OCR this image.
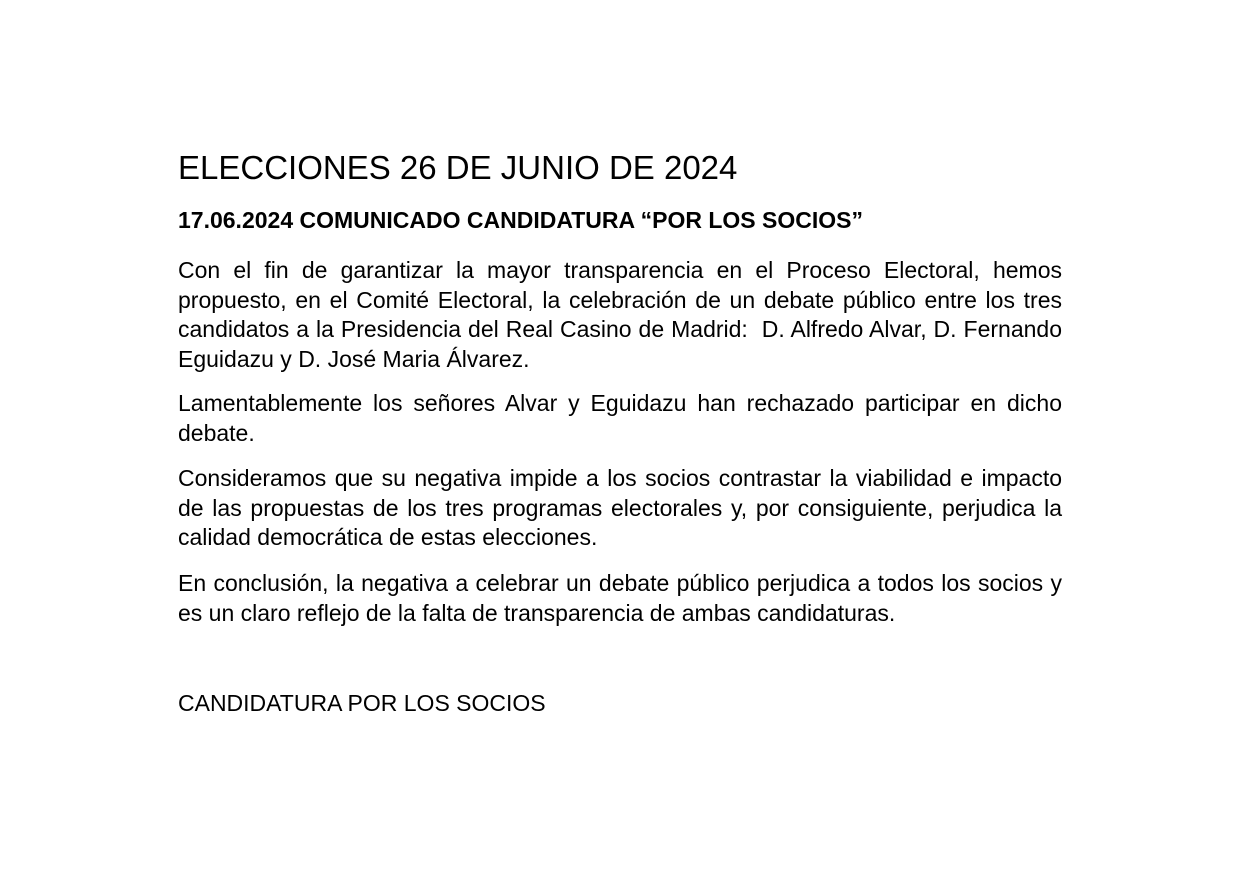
ELECCIONES 26 DE JUNIO DE 2024
17.06.2024 COMUNICADO CANDIDATURA “POR LOS SOCIOS”

Con el fin de garantizar la mayor transparencia en el Proceso Electoral, hemos
propuesto, en el Comité Electoral, la celebración de un debate público entre los tres
candidatos a la Presidencia del Real Casino de Madrid:  D. Alfredo Alvar, D. Fernando
Eguidazu y D. José Maria Álvarez.

Lamentablemente los señores Alvar y Eguidazu han rechazado participar en dicho
debate.

Consideramos que su negativa impide a los socios contrastar la viabilidad e impacto
de las propuestas de los tres programas electorales y, por consiguiente, perjudica la
calidad democrática de estas elecciones.

En conclusión, la negativa a celebrar un debate público perjudica a todos los socios y
es un claro reflejo de la falta de transparencia de ambas candidaturas.

CANDIDATURA POR LOS SOCIOS
